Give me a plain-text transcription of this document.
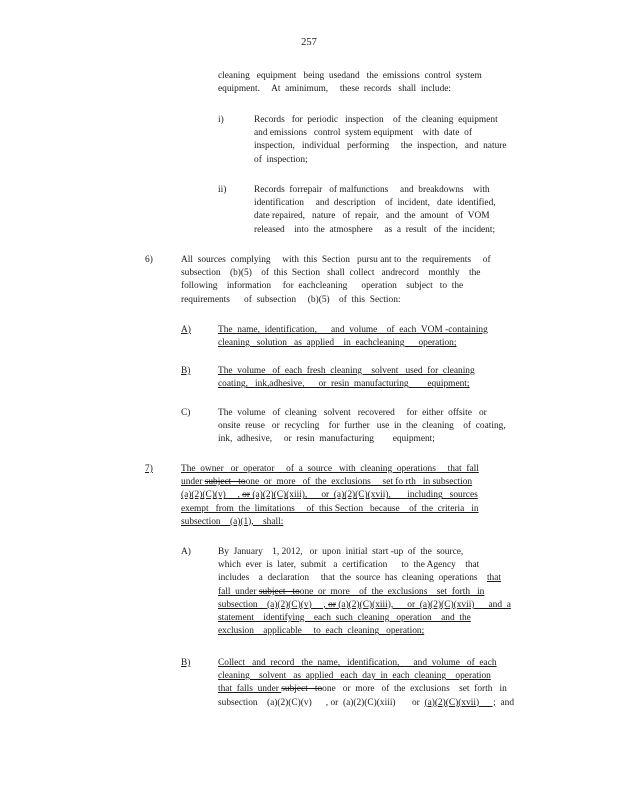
257

cleaning   equipment   being  usedand   the  emissions  control  system

equipment.     At  aminimum,     these  records   shall  include:

i)	Records   for  periodic   inspection    of  the  cleaning  equipment

and emissions   control  system equipment    with  date  of

inspection,   individual   performing     the  inspection,   and  nature

of  inspection;

ii)	Records  forrepair   of malfunctions     and  breakdowns    with

identification     and  description    of  incident,   date  identified,

date repaired,   nature   of  repair,   and  the  amount   of  VOM

released    into  the  atmosphere     as  a  result   of  the  incident;

6)	All  sources  complying     with  this  Section   pursu ant to  the  requirements     of

subsection    (b)(5)    of  this  Section   shall  collect   andrecord    monthly    the

following    information     for  eachcleaning      operation    subject   to  the

requirements      of  subsection     (b)(5)    of  this  Section:

A)	The  name,  identification,      and  volume    of  each  VOM -containing

cleaning   solution   as  applied    in  eachcleaning      operation;

B)	The  volume   of  each  fresh  cleaning    solvent   used  for  cleaning

coating,   ink,adhesive,      or  resin  manufacturing        equipment;

C)	The  volume   of  cleaning   solvent   recovered     for  either  offsite   or

onsite  reuse   or  recycling    for  further   use  in  the  cleaning    of  coating,

ink,  adhesive,     or  resin  manufacturing        equipment;

7)	The  owner   or  operator     of  a  source   with  cleaning  operations     that  fall

under subject   toone  or  more   of  the  exclusions     set fo rth   in subsection

(a)(2)(C)(v)     , or (a)(2)(C)(xiii),      or  (a)(2)(C)(xvii),       including   sources

exempt   from  the  limitations     of  this Section   because    of  the  criteria   in

subsection    (a)(1),    shall:

A)	By  January    1, 2012,   or  upon  initial  start -up  of  the  source,

which  ever  is  later,  submit   a  certification      to  the Agency    that

includes    a  declaration     that  the  source  has  cleaning  operations    that

fall  under subject   toone  or  more    of  the  exclusions    set  forth   in

subsection    (a)(2)(C)(v)     , or (a)(2)(C)(xiii),      or  (a)(2)(C)(xvii)      and  a

statement    identifying    each  such  cleaning   operation    and  the

exclusion    applicable     to  each  cleaning   operation;

B)	Collect   and  record   the  name,   identification,      and  volume   of  each

cleaning    solvent   as  applied   each  day  in  each  cleaning    operation

that  falls  under subject   toone   or  more   of  the  exclusions    set  forth   in

subsection    (a)(2)(C)(v)      , or  (a)(2)(C)(xiii)       or  (a)(2)(C)(xvii)      ;  and
